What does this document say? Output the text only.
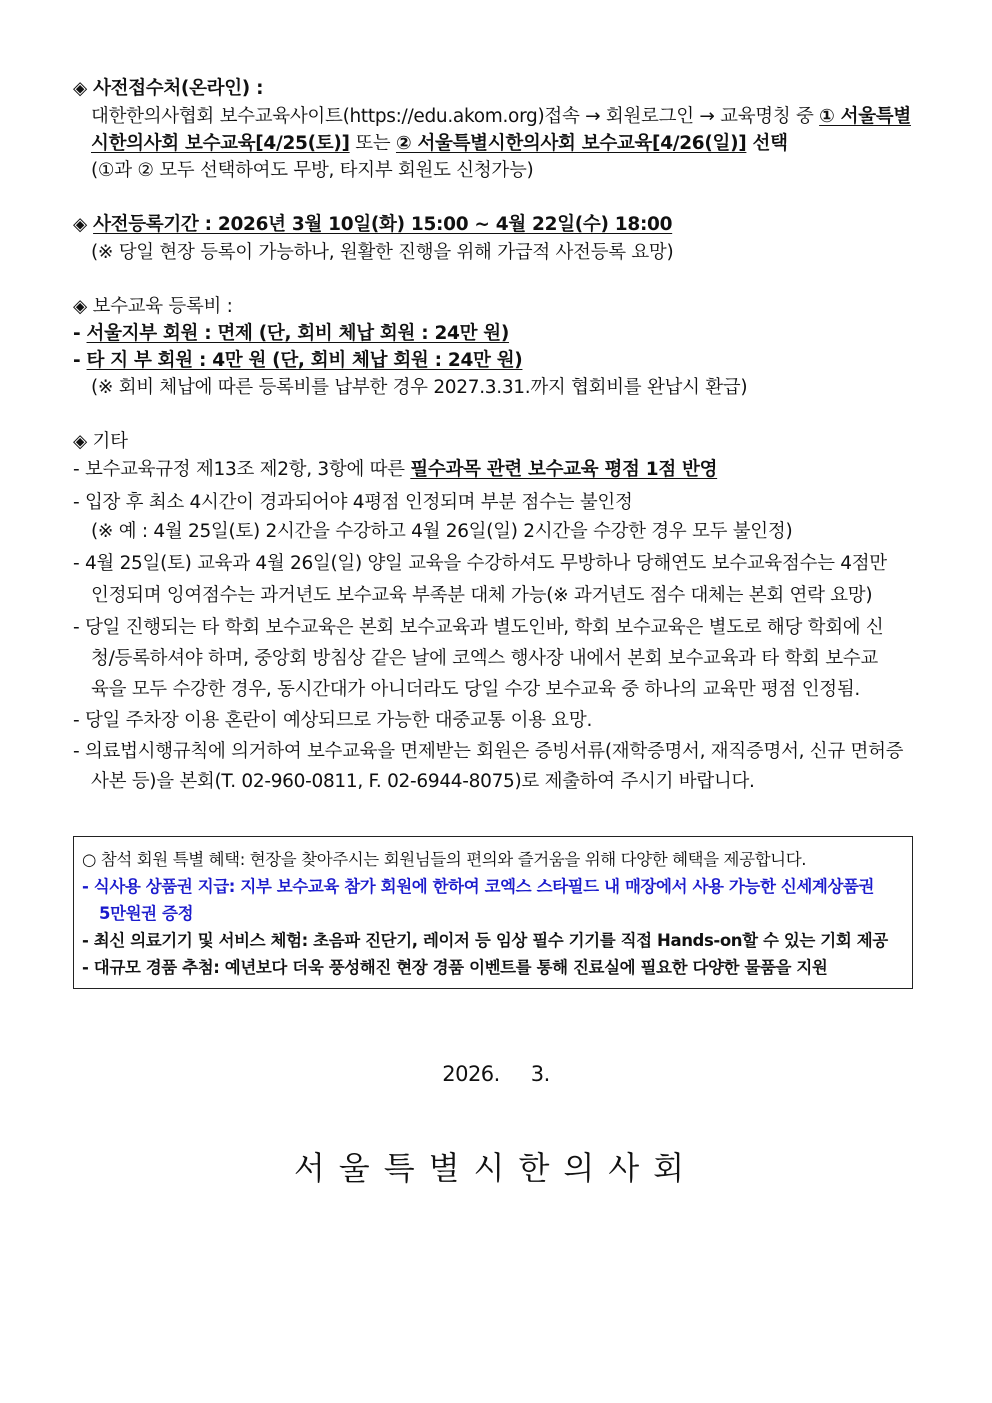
◈ 사전접수처(온라인) :
대한한의사협회 보수교육사이트(https://edu.akom.org)접속 → 회원로그인 → 교육명칭 중 ① 서울특별
시한의사회 보수교육[4/25(토)] 또는 ② 서울특별시한의사회 보수교육[4/26(일)] 선택
(①과 ② 모두 선택하여도 무방, 타지부 회원도 신청가능)
◈ 사전등록기간 : 2026년 3월 10일(화) 15:00 ~ 4월 22일(수) 18:00
(※ 당일 현장 등록이 가능하나, 원활한 진행을 위해 가급적 사전등록 요망)
◈ 보수교육 등록비 :
- 서울지부 회원 : 면제 (단, 회비 체납 회원 : 24만 원)
- 타 지 부 회원 : 4만 원 (단, 회비 체납 회원 : 24만 원)
(※ 회비 체납에 따른 등록비를 납부한 경우 2027.3.31.까지 협회비를 완납시 환급)
◈ 기타
- 보수교육규정 제13조 제2항, 3항에 따른 필수과목 관련 보수교육 평점 1점 반영
- 입장 후 최소 4시간이 경과되어야 4평점 인정되며 부분 점수는 불인정
(※ 예 : 4월 25일(토) 2시간을 수강하고 4월 26일(일) 2시간을 수강한 경우 모두 불인정)
- 4월 25일(토) 교육과 4월 26일(일) 양일 교육을 수강하셔도 무방하나 당해연도 보수교육점수는 4점만
인정되며 잉여점수는 과거년도 보수교육 부족분 대체 가능(※ 과거년도 점수 대체는 본회 연락 요망)
- 당일 진행되는 타 학회 보수교육은 본회 보수교육과 별도인바, 학회 보수교육은 별도로 해당 학회에 신
청/등록하셔야 하며, 중앙회 방침상 같은 날에 코엑스 행사장 내에서 본회 보수교육과 타 학회 보수교
육을 모두 수강한 경우, 동시간대가 아니더라도 당일 수강 보수교육 중 하나의 교육만 평점 인정됨.
- 당일 주차장 이용 혼란이 예상되므로 가능한 대중교통 이용 요망.
- 의료법시행규칙에 의거하여 보수교육을 면제받는 회원은 증빙서류(재학증명서, 재직증명서, 신규 면허증
사본 등)을 본회(T. 02-960-0811, F. 02-6944-8075)로 제출하여 주시기 바랍니다.
○ 참석 회원 특별 혜택: 현장을 찾아주시는 회원님들의 편의와 즐거움을 위해 다양한 혜택을 제공합니다.
- 식사용 상품권 지급: 지부 보수교육 참가 회원에 한하여 코엑스 스타필드 내 매장에서 사용 가능한 신세계상품권
5만원권 증정
- 최신 의료기기 및 서비스 체험: 초음파 진단기, 레이저 등 임상 필수 기기를 직접 Hands-on할 수 있는 기회 제공
- 대규모 경품 추첨: 예년보다 더욱 풍성해진 현장 경품 이벤트를 통해 진료실에 필요한 다양한 물품을 지원
2026. 3.
서울특별시한의사회
